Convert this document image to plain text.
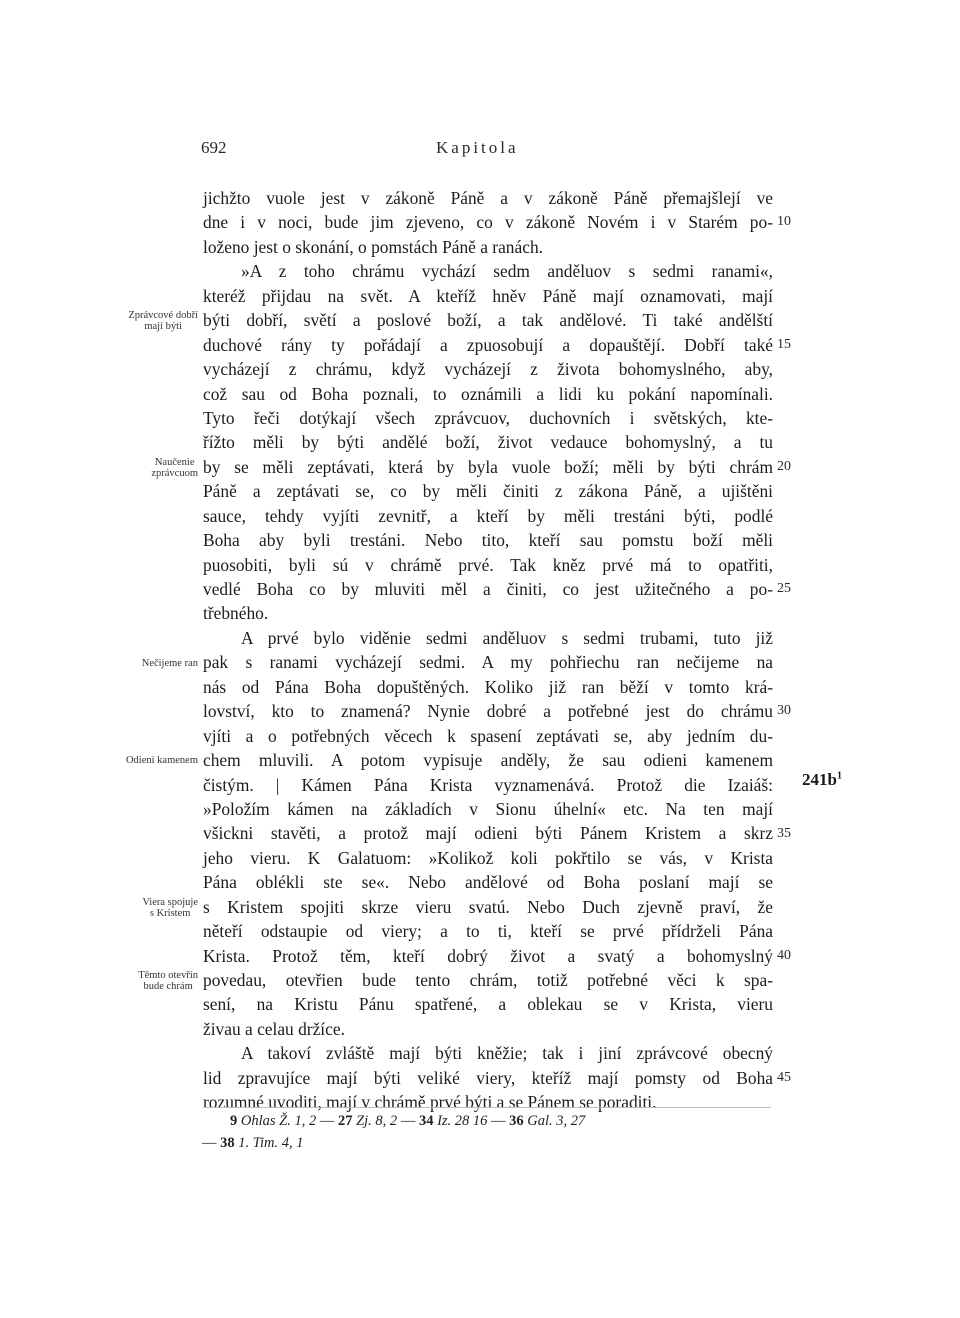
692	Kapitola
jichžto vuole jest v zákoně Páně a v zákoně Páně přemajšlejí ve
dne i v noci, bude jim zjeveno, co v zákoně Novém i v Starém po-
loženo jest o skonání, o pomstách Páně a ranách.
»A z toho chrámu vychází sedm anděluov s sedmi ranami«,
kteréž přijdau na svět. A kteříž hněv Páně mají oznamovati, mají
býti dobří, světí a poslové boží, a tak andělové. Ti také andělští
duchové rány ty pořádají a zpuosobují a dopauštějí. Dobří také
vycházejí z chrámu, když vycházejí z života bohomyslného, aby,
což sau od Boha poznali, to oznámili a lidi ku pokání napomínali.
Tyto řeči dotýkají všech zprávcuov, duchovních i světských, kte-
řížto měli by býti andělé boží, život vedauce bohomyslný, a tu
by se měli zeptávati, která by byla vuole boží; měli by býti chrám
Páně a zeptávati se, co by měli činiti z zákona Páně, a ujištěni
sauce, tehdy vyjíti zevnitř, a kteří by měli trestáni býti, podlé
Boha aby byli trestáni. Nebo tito, kteří sau pomstu boží měli
puosobiti, byli sú v chrámě prvé. Tak kněz prvé má to opatřiti,
vedlé Boha co by mluviti měl a činiti, co jest užitečného a po-
třebného.
A prvé bylo viděnie sedmi anděluov s sedmi trubami, tuto již
pak s ranami vycházejí sedmi. A my pohřiechu ran nečijeme na
nás od Pána Boha dopuštěných. Koliko již ran běží v tomto krá-
lovství, kto to znamená? Nynie dobré a potřebné jest do chrámu
vjíti a o potřebných věcech k spasení zeptávati se, aby jedním du-
chem mluvili. A potom vypisuje anděly, že sau odieni kamenem
čistým. | Kámen Pána Krista vyznamenává. Protož die Izaiáš:
»Položím kámen na základích v Sionu úhelní« etc. Na ten mají
všickni stavěti, a protož mají odieni býti Pánem Kristem a skrz
jeho vieru. K Galatuom: »Kolikož koli pokřtilo se vás, v Krista
Pána oblékli ste se«. Nebo andělové od Boha poslaní mají se
s Kristem spojiti skrze vieru svatú. Nebo Duch zjevně praví, že
něteří odstaupie od viery; a to ti, kteří se prvé přídrželi Pána
Krista. Protož těm, kteří dobrý život a svatý a bohomyslný
povedau, otevřien bude tento chrám, totiž potřebné věci k spa-
sení, na Kristu Pánu spatřené, a oblekau se v Krista, vieru
živau a celau držíce.
A takoví zvláště mají býti kněžie; tak i jiní zprávcové obecný
lid zpravujíce mají býti veliké viery, kteříž mají pomsty od Boha
rozumné uvoditi, mají v chrámě prvé býti a se Pánem se poraditi.
10
15
20
25
30
35
40
45
$241b^1$
9 Ohlas Ž. 1, 2 — 27 Zj. 8, 2 — 34 Iz. 28 16 — 36 Gal. 3, 27
— 38 1. Tim. 4, 1
Zprávcové dobří
mají býti
Naučenie
zprávcuom
Nečijeme ran
Odieni kamenem
Viera spojuje
s Kristem
Těmto otevřín
bude chrám
